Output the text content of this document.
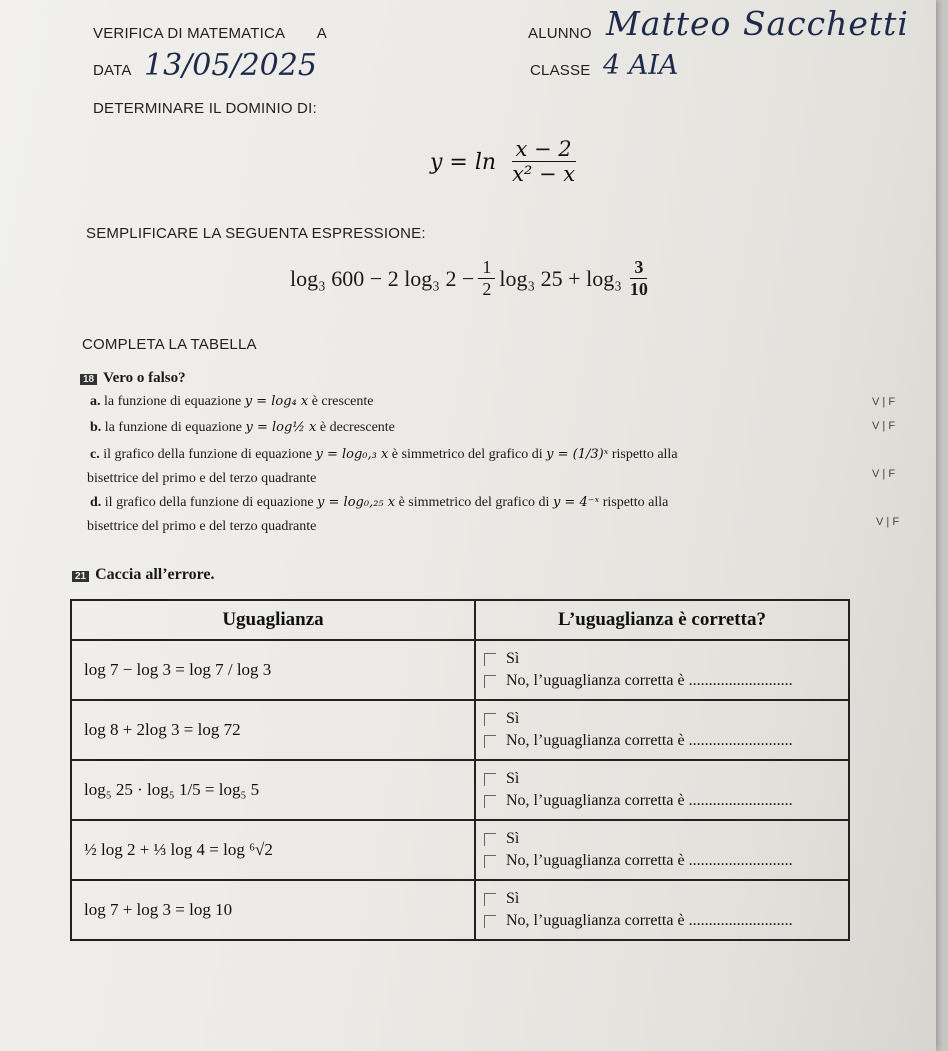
VERIFICA DI MATEMATICA A	ALUNNO Matteo Sacchetti
DATA 13/05/2025	CLASSE 4 AIA
DETERMINARE IL DOMINIO DI:
$y = \ln \frac{x - 2}{\text{x² − x}}$
SEMPLIFICARE LA SEGUENTA ESPRESSIONE:
log₃ 600 − 2 log₃ $2 - \frac{1}{2} \log_3$ $25 + \log_3 \frac{3}{10}$
COMPLETA LA TABELLA
18 Vero o falso?
a. la funzione di equazione y = log₄ x è crescente	V | F
b. la funzione di equazione y = log½ x è decrescente	V | F
c. il grafico della funzione di equazione y = log₀,₃ x è simmetrico del grafico di y = (1/3)ˣ rispetto alla
bisettrice del primo e del terzo quadrante	V | F
d. il grafico della funzione di equazione y = log₀,₂₅ x è simmetrico del grafico di y = 4⁻ˣ rispetto alla
bisettrice del primo e del terzo quadrante	V | F
21 Caccia all’errore.
Uguaglianza	L’uguaglianza è corretta?
log 7 − log 3 = log 7 / log 3	Sì
No, l’uguaglianza corretta è
..........................

log 8 + 2log 3 = log 72	Sì
No, l’uguaglianza corretta è
..........................

log₅ 25 · log₅ 1/5 = log₅ 5	Sì
No, l’uguaglianza corretta è
..........................

½ log 2 + ⅓ log 4 = log ⁶√2	Sì
No, l’uguaglianza corretta è
..........................

log 7 + log 3 = log 10	Sì
No, l’uguaglianza corretta è
..........................
